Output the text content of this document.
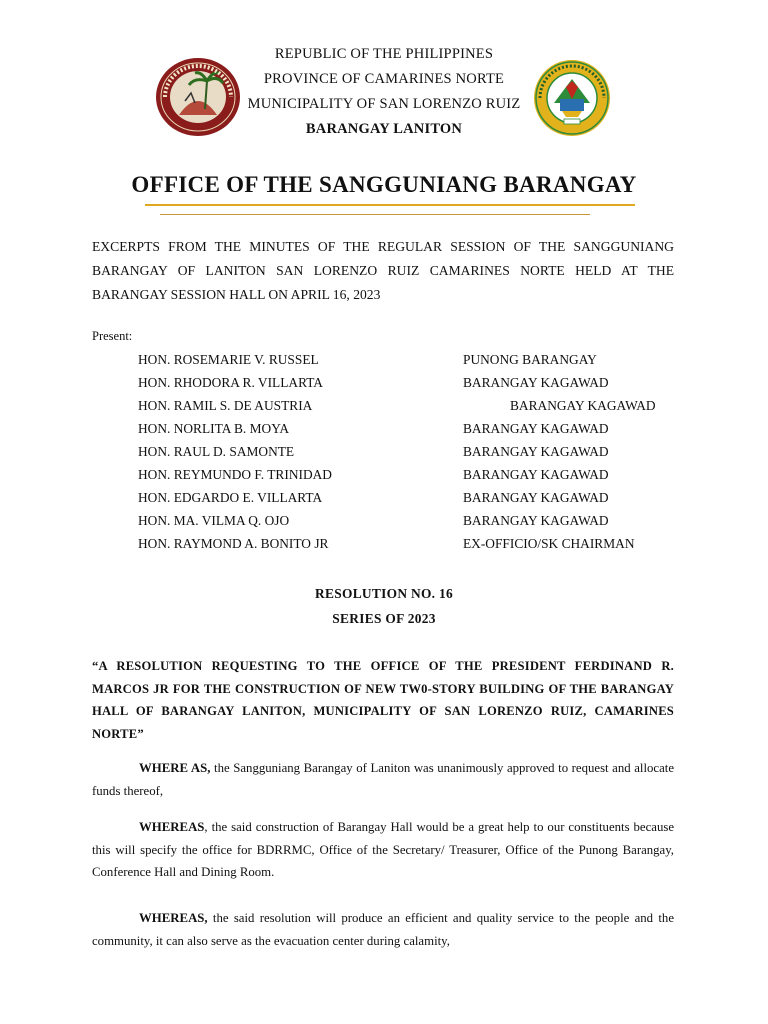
REPUBLIC OF THE PHILIPPINES
PROVINCE OF CAMARINES NORTE
MUNICIPALITY OF SAN LORENZO RUIZ
BARANGAY LANITON
OFFICE OF THE SANGGUNIANG BARANGAY
EXCERPTS FROM THE MINUTES OF THE REGULAR SESSION OF THE SANGGUNIANG BARANGAY OF LANITON SAN LORENZO RUIZ CAMARINES NORTE HELD AT THE BARANGAY SESSION HALL ON APRIL 16, 2023
Present:
HON. ROSEMARIE V. RUSSEL	PUNONG BARANGAY
HON. RHODORA R. VILLARTA	BARANGAY KAGAWAD
HON. RAMIL S. DE AUSTRIA	BARANGAY KAGAWAD
HON. NORLITA B. MOYA	BARANGAY KAGAWAD
HON. RAUL D. SAMONTE	BARANGAY KAGAWAD
HON. REYMUNDO F. TRINIDAD	BARANGAY KAGAWAD
HON. EDGARDO E. VILLARTA	BARANGAY KAGAWAD
HON. MA. VILMA Q. OJO	BARANGAY KAGAWAD
HON. RAYMOND A. BONITO JR	EX-OFFICIO/SK CHAIRMAN
RESOLUTION NO. 16
SERIES OF 2023
“A RESOLUTION REQUESTING TO THE OFFICE OF THE PRESIDENT FERDINAND R. MARCOS JR FOR THE CONSTRUCTION OF NEW TW0-STORY BUILDING OF THE BARANGAY HALL OF BARANGAY LANITON, MUNICIPALITY OF SAN LORENZO RUIZ, CAMARINES NORTE”
WHERE AS, the Sangguniang Barangay of Laniton was unanimously approved to request and allocate funds thereof,
WHEREAS, the said construction of Barangay Hall would be a great help to our constituents because this will specify the office for BDRRMC, Office of the Secretary/ Treasurer, Office of the Punong Barangay, Conference Hall and Dining Room.
WHEREAS, the said resolution will produce an efficient and quality service to the people and the community, it can also serve as the evacuation center during calamity,
